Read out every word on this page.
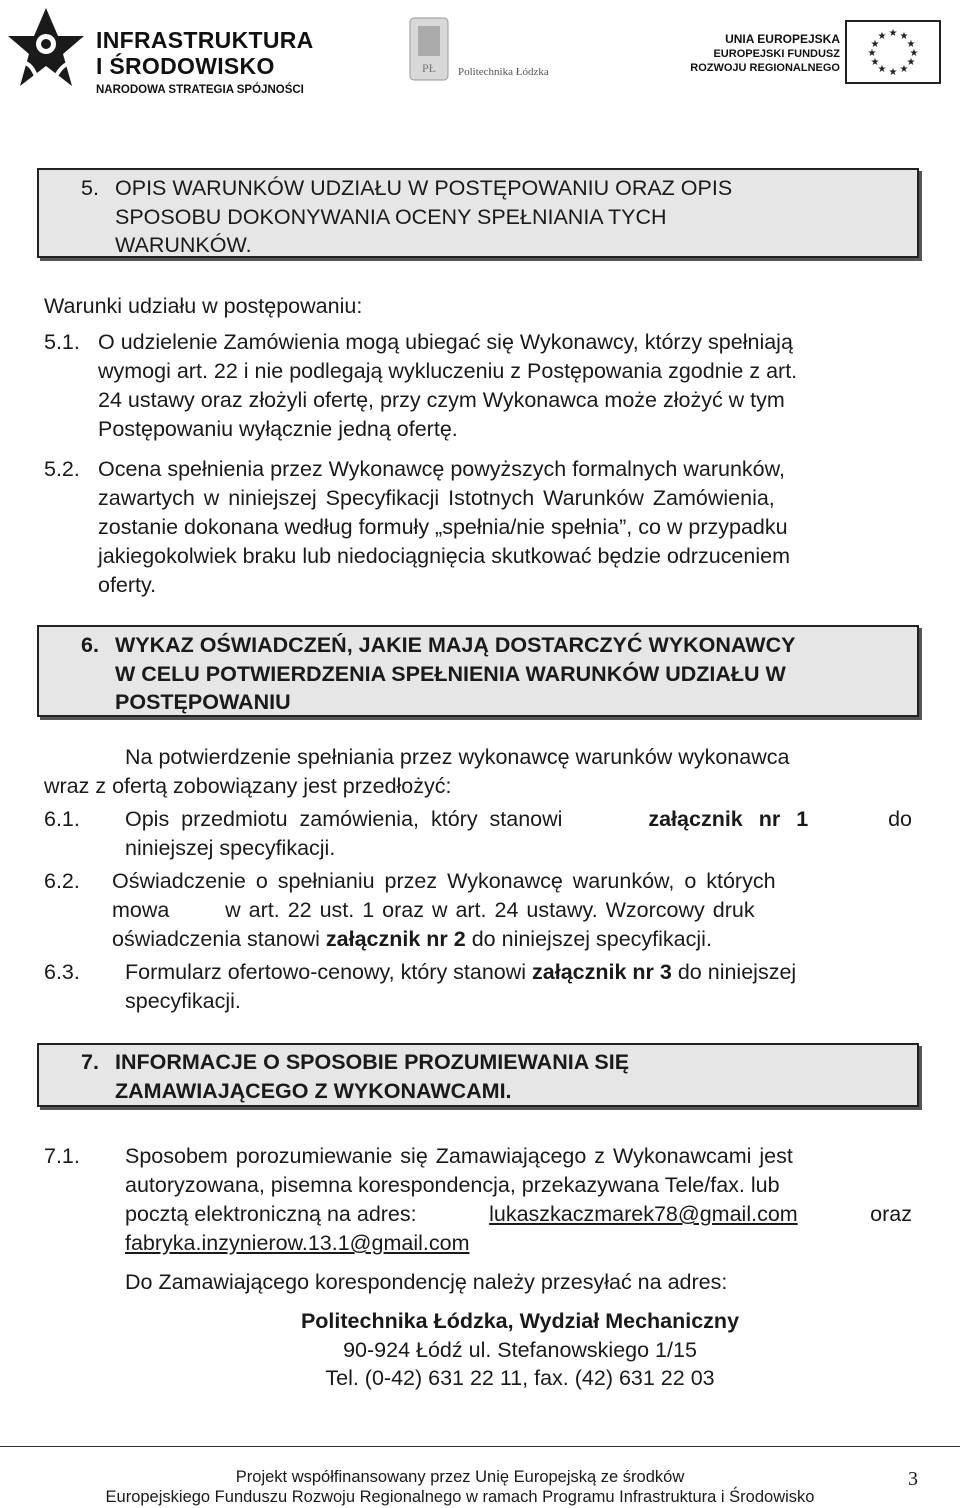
INFRASTRUKTURA
I ŚRODOWISKO
NARODOWA STRATEGIA SPÓJNOŚCI
PŁ Politechnika Łódzka
UNIA EUROPEJSKA
EUROPEJSKI FUNDUSZ
ROZWOJU REGIONALNEGO
★ ★
★
★
★
★
★
★
★
★
★
★
5. OPIS WARUNKÓW UDZIAŁU W POSTĘPOWANIU ORAZ OPIS
SPOSOBU DOKONYWANIA OCENY SPEŁNIANIA TYCH
WARUNKÓW.
Warunki udziału w postępowaniu:
5.1. O udzielenie Zamówienia mogą ubiegać się Wykonawcy, którzy spełniają
wymogi art. 22 i nie podlegają wykluczeniu z Postępowania zgodnie z art.
24 ustawy oraz złożyli ofertę, przy czym Wykonawca może złożyć w tym
Postępowaniu wyłącznie jedną ofertę.
5.2. Ocena spełnienia przez Wykonawcę powyższych formalnych warunków,
zawartych w niniejszej Specyfikacji Istotnych Warunków Zamówienia,
zostanie dokonana według formuły „spełnia/nie spełnia”, co w przypadku
jakiegokolwiek braku lub niedociągnięcia skutkować będzie odrzuceniem
oferty.
6. WYKAZ OŚWIADCZEŃ, JAKIE MAJĄ DOSTARCZYĆ WYKONAWCY
W CELU POTWIERDZENIA SPEŁNIENIA WARUNKÓW UDZIAŁU W
POSTĘPOWANIU
Na potwierdzenie spełniania przez wykonawcę warunków wykonawca
wraz z ofertą zobowiązany jest przedłożyć:
6.1. Opis przedmiotu zamówienia, który stanowi	załącznik nr 1	do
niniejszej specyfikacji.
6.2. Oświadczenie o spełnianiu przez Wykonawcę warunków, o których
mowa       w art. 22 ust. 1 oraz w art. 24 ustawy. Wzorcowy druk
oświadczenia stanowi załącznik nr 2 do niniejszej specyfikacji.
6.3. Formularz ofertowo-cenowy, który stanowi załącznik nr 3 do niniejszej
specyfikacji.
7. INFORMACJE O SPOSOBIE PROZUMIEWANIA SIĘ
ZAMAWIAJĄCEGO Z WYKONAWCAMI.
7.1. Sposobem porozumiewanie się Zamawiającego z Wykonawcami jest
autoryzowana, pisemna korespondencja, przekazywana Tele/fax. lub
pocztą elektroniczną na adres:	lukaszkaczmarek78@gmail.com	oraz
fabryka.inzynierow.13.1@gmail.com
Do Zamawiającego korespondencję należy przesyłać na adres:
Politechnika Łódzka, Wydział Mechaniczny
90-924 Łódź ul. Stefanowskiego 1/15
Tel. (0-42) 631 22 11, fax. (42) 631 22 03
Projekt współfinansowany przez Unię Europejską ze środków
Europejskiego Funduszu Rozwoju Regionalnego w ramach Programu Infrastruktura i Środowisko
3
